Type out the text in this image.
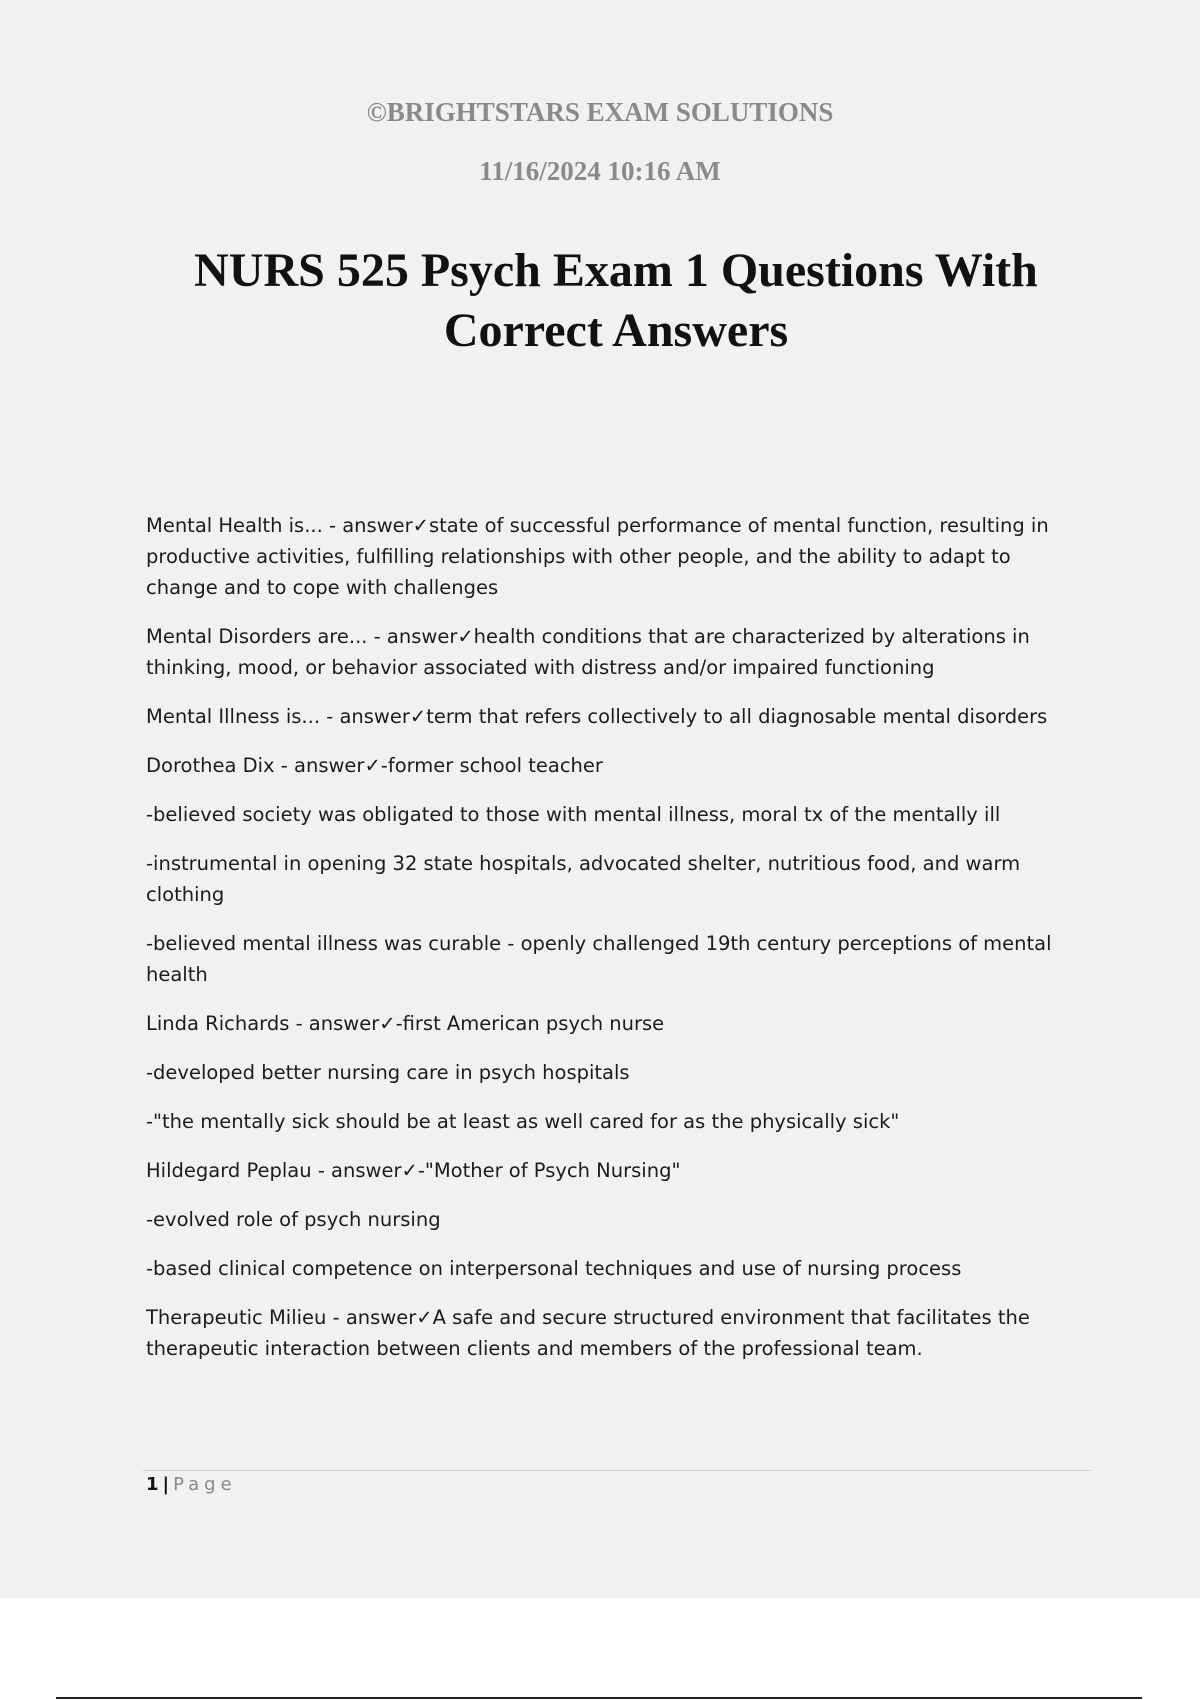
©BRIGHTSTARS EXAM SOLUTIONS
11/16/2024 10:16 AM
NURS 525 Psych Exam 1 Questions With Correct Answers

Mental Health is... - answer✓state of successful performance of mental function, resulting in productive activities, fulfilling relationships with other people, and the ability to adapt to change and to cope with challenges

Mental Disorders are... - answer✓health conditions that are characterized by alterations in thinking, mood, or behavior associated with distress and/or impaired functioning

Mental Illness is... - answer✓term that refers collectively to all diagnosable mental disorders

Dorothea Dix - answer✓-former school teacher

-believed society was obligated to those with mental illness, moral tx of the mentally ill

-instrumental in opening 32 state hospitals, advocated shelter, nutritious food, and warm clothing

-believed mental illness was curable - openly challenged 19th century perceptions of mental health

Linda Richards - answer✓-first American psych nurse

-developed better nursing care in psych hospitals

-"the mentally sick should be at least as well cared for as the physically sick"

Hildegard Peplau - answer✓-"Mother of Psych Nursing"

-evolved role of psych nursing

-based clinical competence on interpersonal techniques and use of nursing process

Therapeutic Milieu - answer✓A safe and secure structured environment that facilitates the therapeutic interaction between clients and members of the professional team.

1 | Page
